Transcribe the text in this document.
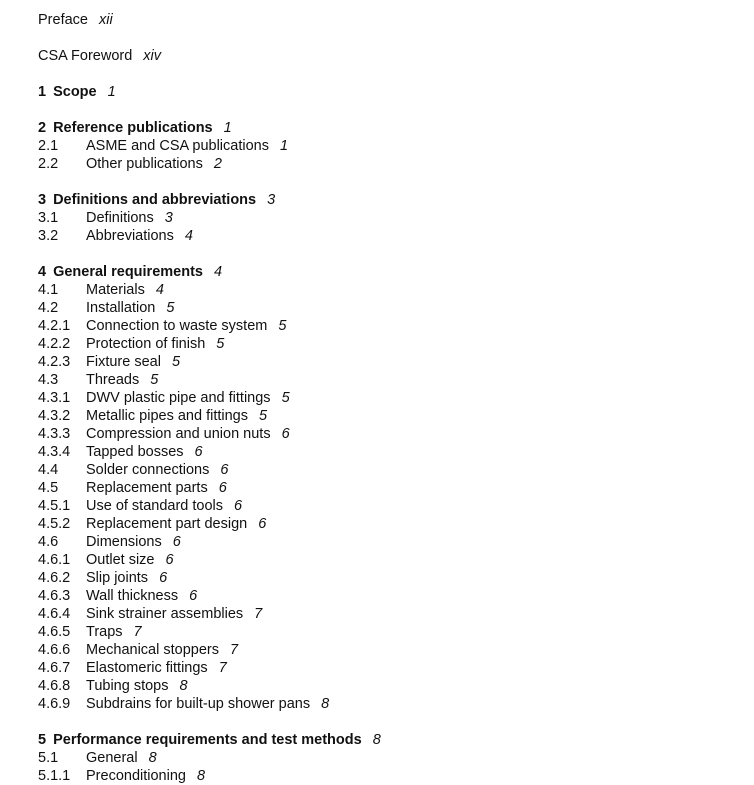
Preface xii
CSA Foreword xiv
1 Scope 1
2 Reference publications 1
2.1 ASME and CSA publications 1
2.2 Other publications 2
3 Definitions and abbreviations 3
3.1 Definitions 3
3.2 Abbreviations 4
4 General requirements 4
4.1 Materials 4
4.2 Installation 5
4.2.1 Connection to waste system 5
4.2.2 Protection of finish 5
4.2.3 Fixture seal 5
4.3 Threads 5
4.3.1 DWV plastic pipe and fittings 5
4.3.2 Metallic pipes and fittings 5
4.3.3 Compression and union nuts 6
4.3.4 Tapped bosses 6
4.4 Solder connections 6
4.5 Replacement parts 6
4.5.1 Use of standard tools 6
4.5.2 Replacement part design 6
4.6 Dimensions 6
4.6.1 Outlet size 6
4.6.2 Slip joints 6
4.6.3 Wall thickness 6
4.6.4 Sink strainer assemblies 7
4.6.5 Traps 7
4.6.6 Mechanical stoppers 7
4.6.7 Elastomeric fittings 7
4.6.8 Tubing stops 8
4.6.9 Subdrains for built-up shower pans 8
5 Performance requirements and test methods 8
5.1 General 8
5.1.1 Preconditioning 8
